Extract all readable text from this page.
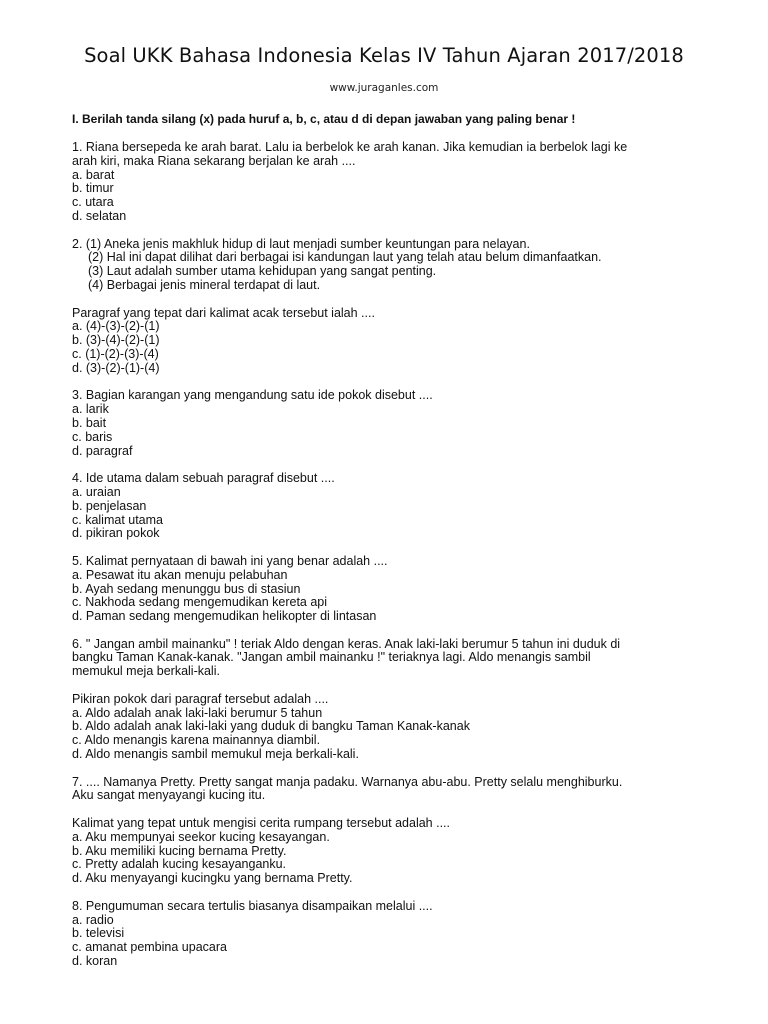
Soal UKK Bahasa Indonesia Kelas IV Tahun Ajaran 2017/2018
www.juraganles.com
I. Berilah tanda silang (x) pada huruf a, b, c, atau d di depan jawaban yang paling benar !
1. Riana bersepeda ke arah barat. Lalu ia berbelok ke arah kanan. Jika kemudian ia berbelok lagi ke
arah kiri, maka Riana sekarang berjalan ke arah ....
a. barat
b. timur
c. utara
d. selatan
2. (1) Aneka jenis makhluk hidup di laut menjadi sumber keuntungan para nelayan.
(2) Hal ini dapat dilihat dari berbagai isi kandungan laut yang telah atau belum dimanfaatkan.
(3) Laut adalah sumber utama kehidupan yang sangat penting.
(4) Berbagai jenis mineral terdapat di laut.
Paragraf yang tepat dari kalimat acak tersebut ialah ....
a. (4)-(3)-(2)-(1)
b. (3)-(4)-(2)-(1)
c. (1)-(2)-(3)-(4)
d. (3)-(2)-(1)-(4)
3. Bagian karangan yang mengandung satu ide pokok disebut ....
a. larik
b. bait
c. baris
d. paragraf
4. Ide utama dalam sebuah paragraf disebut ....
a. uraian
b. penjelasan
c. kalimat utama
d. pikiran pokok
5. Kalimat pernyataan di bawah ini yang benar adalah ....
a. Pesawat itu akan menuju pelabuhan
b. Ayah sedang menunggu bus di stasiun
c. Nakhoda sedang mengemudikan kereta api
d. Paman sedang mengemudikan helikopter di lintasan
6. " Jangan ambil mainanku" ! teriak Aldo dengan keras. Anak laki-laki berumur 5 tahun ini duduk di
bangku Taman Kanak-kanak. "Jangan ambil mainanku !" teriaknya lagi. Aldo menangis sambil
memukul meja berkali-kali.
Pikiran pokok dari paragraf tersebut adalah ....
a. Aldo adalah anak laki-laki berumur 5 tahun
b. Aldo adalah anak laki-laki yang duduk di bangku Taman Kanak-kanak
c. Aldo menangis karena mainannya diambil.
d. Aldo menangis sambil memukul meja berkali-kali.
7. .... Namanya Pretty. Pretty sangat manja padaku. Warnanya abu-abu. Pretty selalu menghiburku.
Aku sangat menyayangi kucing itu.
Kalimat yang tepat untuk mengisi cerita rumpang tersebut adalah ....
a. Aku mempunyai seekor kucing kesayangan.
b. Aku memiliki kucing bernama Pretty.
c. Pretty adalah kucing kesayanganku.
d. Aku menyayangi kucingku yang bernama Pretty.
8. Pengumuman secara tertulis biasanya disampaikan melalui ....
a. radio
b. televisi
c. amanat pembina upacara
d. koran
